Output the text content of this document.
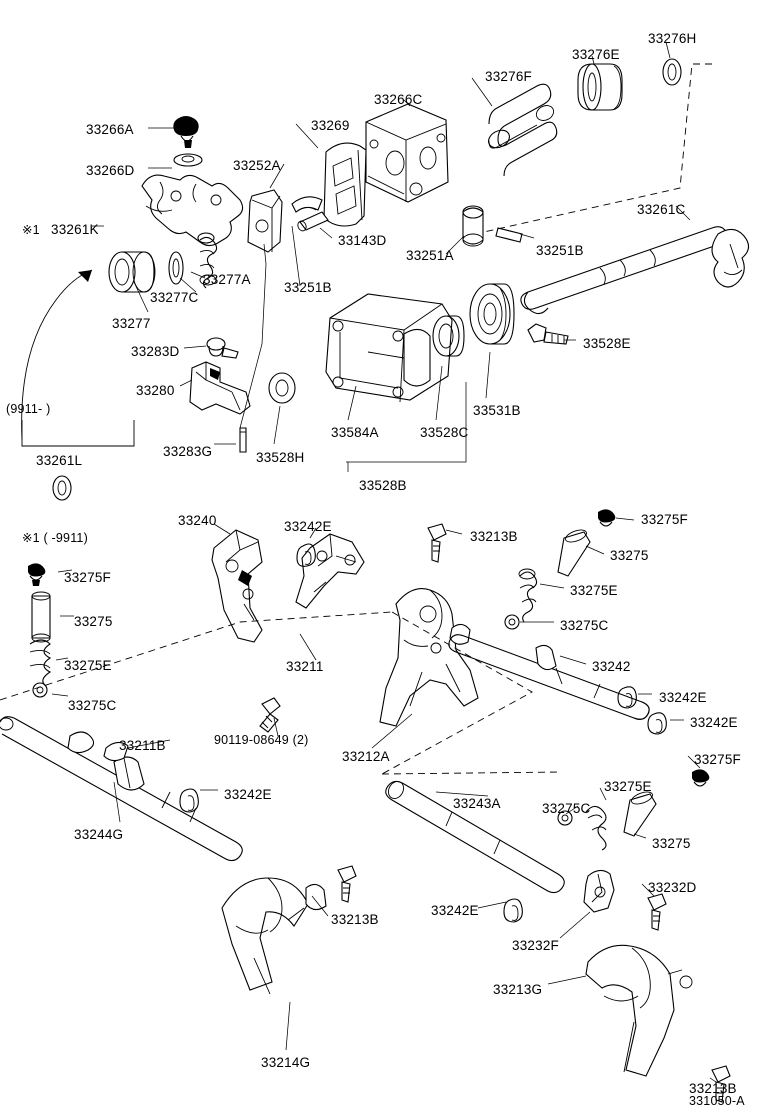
33276H
33276E
33276F
33266C
33269
33266A
33266D	33252A
33261C
33261K
33143D
33251A	33251B
33277A
33251B
33277C
33277
33283D
33528E
33280
33531B
33584A	33528C
33283G	33528H
33528B
33261L
33240	33242E
33213B
33275F
33275
33275E
33275F
33275	33275C
33275E	33242
33211
33275C
33242E
33242E
90119-08649 (2)
33211B
33212A	33275F
33275E
33242E
33243A	33275C
33244G
33275
33232D
33213B
33242E
33232F
33213G
33214G
33213B
(9911- )
※1 ( -9911)
※1
331050-A
